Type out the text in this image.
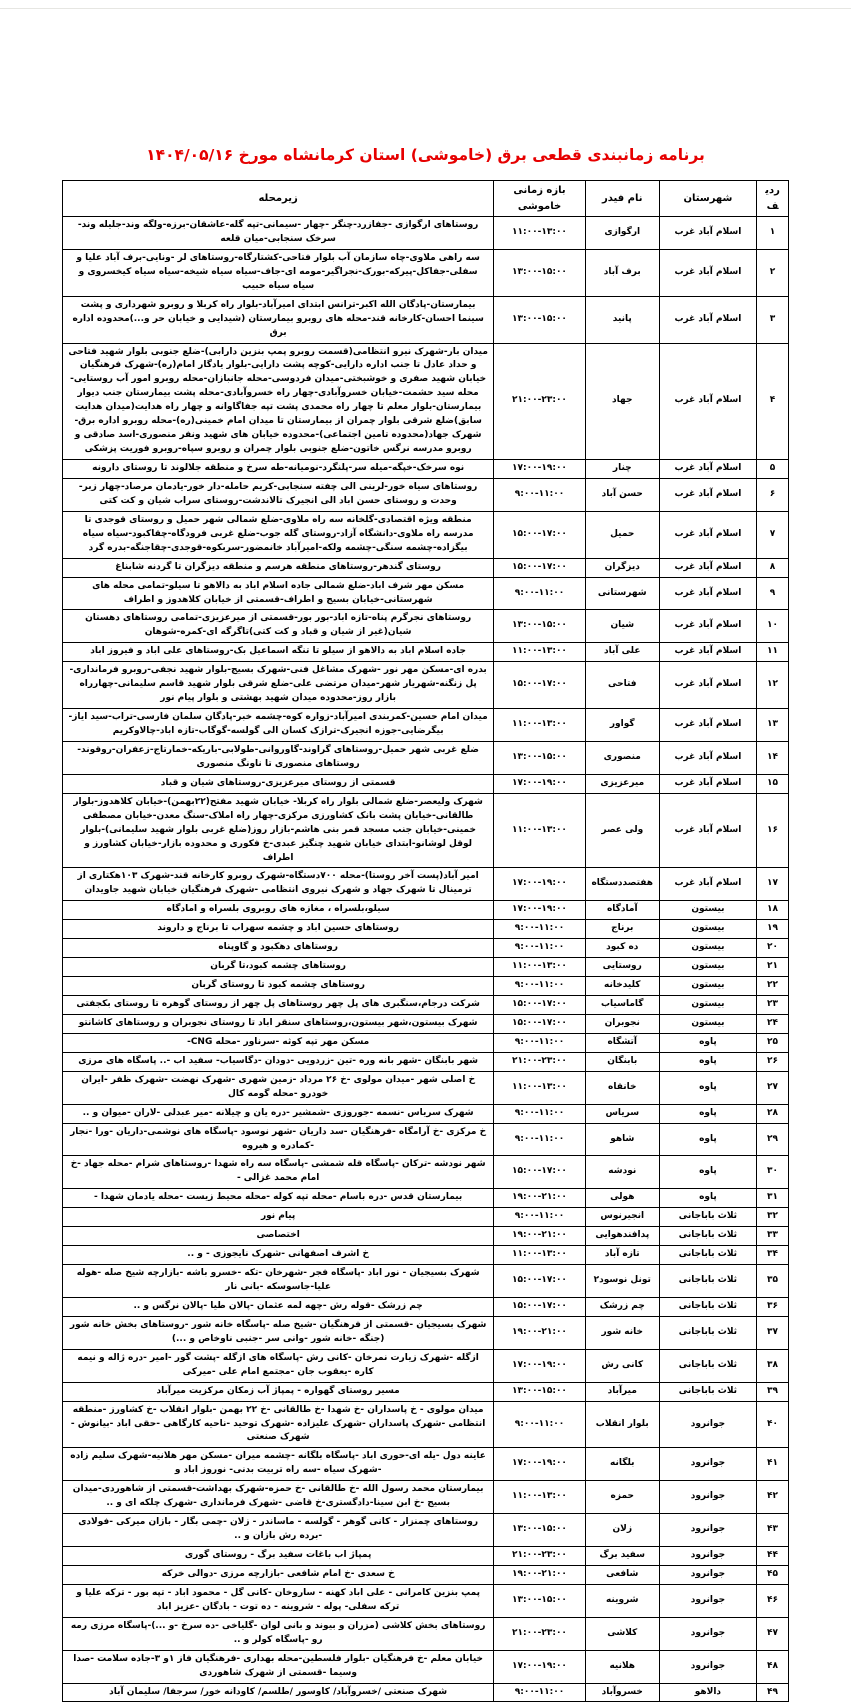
برنامه زمانبندی قطعی برق (خاموشی) استان کرمانشاه مورخ ۱۴۰۴/۰۵/۱۶
ردیف	شهرستان	نام فیدر	بازه زمانی خاموشی	زیرمحله
۱	اسلام آباد غرب	ارگوازی	۱۱:۰۰-۱۳:۰۰	روستاهای ارگوازی -جفازرد-چنگر -چهار -سیمانی-تپه گله-عاشقان-برزه-ولگه وند-جلیله وند-سرخک سنجابی-میان قلعه
۲	اسلام آباد غرب	برف آباد	۱۳:۰۰-۱۵:۰۰	سه راهی ملاوی-چاه سازمان آب بلوار فتاحی-کشتارگاه-روستاهای لر -ونایی-برف آباد علیا و سفلی-جفاکل-پیرکه-بورک-نجراگیر-مومه ای-جاف-سیاه سیاه شیخه-سیاه سیاه کیخسروی و سیاه سیاه حبیب
۳	اسلام آباد غرب	پانید	۱۳:۰۰-۱۵:۰۰	بیمارستان-پادگان الله اکبر-ترانس ابتدای امیرآباد-بلوار راه کربلا و روبرو شهرداری و پشت سینما احسان-کارخانه قند-محله های روبرو بیمارستان (شیدایی و خیابان حر و...)محدوده اداره برق
۴	اسلام آباد غرب	جهاد	۲۱:۰۰-۲۳:۰۰	میدان بار-شهرک نیرو انتظامی(قسمت روبرو پمپ بنزین دارابی)-ضلع جنوبی بلوار شهید فتاحی و حداد عادل تا جنب اداره دارایی-کوچه پشت دارایی-بلوار یادگار امام(ره)-شهرک فرهنگیان خیابان شهید صفری و خوشبختی-میدان فردوسی-محله جانبازان-محله روبرو امور آب روستایی-محله سید حشمت-خیابان خسروآبادی-چهار راه خسروآبادی-محله پشت بیمارستان جنب دیوار بیمارستان-بلوار معلم تا چهار راه محمدی پشت تپه جفاگاوانه و چهار راه هدایت(میدان هدایت سابق)ضلع شرقی بلوار چمران از بیمارستان تا میدان امام خمینی(ره)-محله روبرو اداره برق-شهرک جهاد(محدوده تامین اجتماعی)-محدوده خیابان های شهید ونفر منصوری-اسد صادقی و روبرو مدرسه نرگس خاتون-ضلع جنوبی بلوار چمران و روبرو سپاه-روبرو فوریت پزشکی
۵	اسلام آباد غرب	چنار	۱۷:۰۰-۱۹:۰۰	نوه سرخک-خپگه-میله سر-پلنگرد-نومیانه-طه سرخ و منطقه جلالوند تا روستای دارونه
۶	اسلام آباد غرب	حسن آباد	۹:۰۰-۱۱:۰۰	روستاهای سیاه خور-لرینی الی چفته سنجابی-کریم حامله-دار خور-یادمان مرصاد-چهار زبر-وحدت و روستای حسن اباد الی انجیرک تالاندشت-روستای سراب شیان و کت کتی
۷	اسلام آباد غرب	حمیل	۱۵:۰۰-۱۷:۰۰	منطقه ویژه اقتصادی-گلخانه سه راه ملاوی-ضلع شمالی شهر حمیل و روستای قوجدی تا مدرسه راه ملاوی-دانشگاه آزاد-روستای گله جوب-ضلع غربی فرودگاه-چقاکبود-سیاه سیاه بیگزاده-چشمه سنگی-چشمه ولکه-امیرآباد خانمضور-سربکوه-قوجدی-چقاجنگه-بدره گرد
۸	اسلام آباد غرب	دیزگران	۱۵:۰۰-۱۷:۰۰	روستای گندهر-روستاهای منطقه هرسم و منطقه دیزگران تا گردنه شابناغ
۹	اسلام آباد غرب	شهرستانی	۹:۰۰-۱۱:۰۰	مسکن مهر شرف اباد-ضلع شمالی جاده اسلام اباد به دالاهو تا سیلو-تمامی محله های شهرستانی-خیابان بسیج و اطراف-قسمتی از خیابان کلاهدوز و اطراف
۱۰	اسلام آباد غرب	شیان	۱۳:۰۰-۱۵:۰۰	روستاهای نجرگرم پناه-تازه اباد-بور بور-قسمتی از میرعزیزی-تمامی روستاهای دهستان شیان(غیر از شیان و قباد و کت کتی)تاگرگه ای-کمره-شوهان
۱۱	اسلام آباد غرب	علی آباد	۱۱:۰۰-۱۳:۰۰	جاده اسلام اباد به دالاهو از سیلو تا تنگه اسماعیل بک-روستاهای علی اباد و فیروز اباد
۱۲	اسلام آباد غرب	فتاحی	۱۵:۰۰-۱۷:۰۰	بدره ای-مسکن مهر نور -شهرک مشاغل فنی-شهرک بسیج-بلوار شهید نجفی-روبرو فرمانداری-پل زنگنه-شهریار شهر-میدان مرتضی علی-ضلع شرقی بلوار شهید قاسم سلیمانی-چهارراه بازار روز-محدوده میدان شهید بهشتی و بلوار پیام نور
۱۳	اسلام آباد غرب	گواور	۱۱:۰۰-۱۳:۰۰	میدان امام حسین-کمربندی امیرآباد-زواره کوه-چشمه خبر-پادگان سلمان فارسی-تراب-سید ایاز-بیگرضایی-جوزه انجیرک-ترازک کسان الی گولسه-گوگاب-تازه اباد-چالاوکریم
۱۴	اسلام آباد غرب	منصوری	۱۳:۰۰-۱۵:۰۰	ضلع غربی شهر حمیل-روستاهای گراوند-گاوروانی-طولابی-باریکه-خمارتاج-زعفران-روقوند-روستاهای منصوری تا ناونگ منصوری
۱۵	اسلام آباد غرب	میرعزیزی	۱۷:۰۰-۱۹:۰۰	قسمتی از روستای میرعزیزی-روستاهای شیان و قباد
۱۶	اسلام آباد غرب	ولی عصر	۱۱:۰۰-۱۳:۰۰	شهرک ولیعصر-ضلع شمالی بلوار راه کربلا- خیابان شهید مفتح(۲۲بهمن)-خیابان کلاهدوز-بلوار طالقانی-خیابان پشت بانک کشاورزی مرکزی-چهار راه املاک-سنگ معدن-خیابان مصطفی خمینی-خیابان جنب مسجد قمر بنی هاشم-بازار روز(ضلع غربی بلوار شهید سلیمانی)-بلوار لوقل لوشانو-ابتدای خیابان شهید چنگیز عبدی-خ فکوری و محدوده بازار-خیابان کشاورز و اطراف
۱۷	اسلام آباد غرب	هفتصددستگاه	۱۷:۰۰-۱۹:۰۰	امیر آباد(پست آخر روستا)-محله ۷۰۰دستگاه-شهرک روبرو کارخانه قند-شهرک ۱۰۳هکتاری از ترمینال تا شهرک جهاد و شهرک نیروی انتظامی -شهرک فرهنگیان خیابان شهید جاویدان
۱۸	بیستون	آمادگاه	۱۷:۰۰-۱۹:۰۰	سیلو،بلسراه ، مغازه های روبروی بلسراه و امادگاه
۱۹	بیستون	برناج	۹:۰۰-۱۱:۰۰	روستاهای حسین اباد و چشمه سهراب تا برناج و داروند
۲۰	بیستون	ده کبود	۹:۰۰-۱۱:۰۰	روستاهای دهکبود و گاوپناه
۲۱	بیستون	روستایی	۱۱:۰۰-۱۳:۰۰	روستاهای چشمه کبود،تا گربان
۲۲	بیستون	کلیدخانه	۹:۰۰-۱۱:۰۰	روستاهای چشمه کبود تا روستای گربان
۲۳	بیستون	گاماسیاب	۱۵:۰۰-۱۷:۰۰	شرکت درجام،سنگبری های پل چهر روستاهای پل چهر از روستای گوهره تا روستای بکجفتی
۲۴	بیستون	نجوبران	۱۵:۰۰-۱۷:۰۰	شهرک بیستون،شهر بیستون،روستاهای سنقر اباد تا روستای نجوبران و روستاهای کاشانتو
۲۵	پاوه	آتشگاه	۹:۰۰-۱۱:۰۰	مسکن مهر تپه کوثه -سرناور -محله CNG-
۲۶	پاوه	بابنگان	۲۱:۰۰-۲۳:۰۰	شهر بابنگان -شهر بانه وره -تین -زردویی -دودان -دگاسیاب- سفید اب -.. پاسگاه های مرزی
۲۷	پاوه	خانقاه	۱۱:۰۰-۱۳:۰۰	خ اصلی شهر -میدان مولوی -خ ۲۶ مرداد -زمین شهری -شهرک نهضت -شهرک ظفر -ایران خودرو -محله گومه کال
۲۸	پاوه	سریاس	۹:۰۰-۱۱:۰۰	شهرک سریاس -نسمه -جوروزی -شمشیر -دره یان و چیلانه -میر عبدلی -لاران -میوان و ..
۲۹	پاوه	شاهو	۹:۰۰-۱۱:۰۰	خ مرکزی -خ آرامگاه -فرهنگیان -سد داریان -شهر نوسود -پاسگاه های نوشمی-داریان -ورا -نجار -کمادره و هیروه
۳۰	پاوه	نودشه	۱۵:۰۰-۱۷:۰۰	شهر نودشه -ترکان -پاسگاه قله شمشی -پاسگاه سه راه شهدا -روستاهای شرام -محله جهاد -خ امام محمد غزالی -
۳۱	پاوه	هولی	۱۹:۰۰-۲۱:۰۰	بیمارستان قدس -دره باسام -محله تپه کوله -محله محیط زیست -محله یادمان شهدا -
۳۲	ثلاث باباجانی	انجیرنوس	۹:۰۰-۱۱:۰۰	پیام نور
۳۳	ثلاث باباجانی	پدافندهوایی	۱۹:۰۰-۲۱:۰۰	اختصاصی
۳۴	ثلاث باباجانی	تازه آباد	۱۱:۰۰-۱۳:۰۰	خ اشرف اصفهانی -شهرک نایجوزی - و ..
۳۵	ثلاث باباجانی	تونل نوسود۲	۱۵:۰۰-۱۷:۰۰	شهرک بسیجیان - نور اباد -پاسگاه فجر -شهرخان -تکه -خسرو باشه -بازارچه شیخ صله -هوله علیا-جاسوسکه -بانی نار
۳۶	ثلاث باباجانی	چم زرشک	۱۵:۰۰-۱۷:۰۰	چم زرشک -قوله رش -چهه لمه عثمان -پالان طیا -پالان نرگس و ..
۳۷	ثلاث باباجانی	خانه شور	۱۹:۰۰-۲۱:۰۰	شهرک بسیجیان -قسمتی از فرهنگیان -شیخ صله -پاسگاه خانه شور -روستاهای بخش خانه شور (جنگه -خانه شور -وانی سر -جنبی ناوخاص و ...)
۳۸	ثلاث باباجانی	کانی رش	۱۷:۰۰-۱۹:۰۰	ازگله -شهرک زیارت نمرخان -کانی رش -پاسگاه های ازگله -پشت گور -امیر -دره ژاله و نیمه کاره -یعقوب جان -مجتمع امام علی -میرکی
۳۹	ثلاث باباجانی	میرآباد	۱۳:۰۰-۱۵:۰۰	مسیر روستای گهواره - پمپاژ آب زمکان مرکزیت میرآباد
۴۰	جوانرود	بلوار انقلاب	۹:۰۰-۱۱:۰۰	میدان مولوی - خ پاسداران -خ شهدا -خ طالقانی -خ ۲۲ بهمن -بلوار انقلاب -خ کشاورز -منطقه انتظامی -شهرک پاسداران -شهرک علیزاده -شهرک توحید -ناحیه کارگاهی -حقی اباد -بیانوش - شهرک صنعتی
۴۱	جوانرود	بلگانه	۱۷:۰۰-۱۹:۰۰	عاینه دول -یله ای-حوری اباد -پاسگاه بلگانه -چشمه میران -مسکن مهر هلانیه-شهرک سلیم زاده -شهرک سیاه -سه راه تربیت بدنی- نوروز اباد و
۴۲	جوانرود	حمزه	۱۱:۰۰-۱۳:۰۰	بیمارستان محمد رسول الله -خ طالقانی -خ حمزه-شهرک بهداشت-قسمتی از شاهوردی-میدان بسیج -خ ابن سینا-دادگستری-خ قاضی -شهرک فرمانداری -شهرک چلکه ای و ..
۴۳	جوانرود	زلان	۱۳:۰۰-۱۵:۰۰	روستاهای چمنزار - کانی گوهر - گولسه - ماساندر - زلان -چمی بگار - بازان میرکی -فولادی -برده رش بازان و ..
۴۴	جوانرود	سفید برگ	۲۱:۰۰-۲۳:۰۰	پمپاژ اب باغات سفید برگ - روستای گوری
۴۵	جوانرود	شافعی	۱۹:۰۰-۲۱:۰۰	خ سعدی -خ امام شافعی -بازارچه مرزی -دوالی خرکه
۴۶	جوانرود	شروینه	۱۳:۰۰-۱۵:۰۰	پمپ بنزین کامرانی - علی اباد کهنه - ساروخان -کانی گل - محمود اباد - تپه بور - ترکه علیا و ترکه سفلی- پوله - شروینه - ده توت - بادگان -عزیز اباد
۴۷	جوانرود	کلاشی	۲۱:۰۰-۲۳:۰۰	روستاهای بخش کلاشی (مزران و بیوند و بانی لوان -گلیاخی -ده سرخ -و ...)-پاسگاه مرزی رمه رو -پاسگاه کولر و ..
۴۸	جوانرود	هلانیه	۱۷:۰۰-۱۹:۰۰	خیابان معلم -خ فرهنگیان -بلوار فلسطین-محله بهداری -فرهنگیان فاز ۱و ۳-جاده سلامت -صدا وسیما -قسمتی از شهرک شاهوردی
۴۹	دالاهو	خسروآباد	۹:۰۰-۱۱:۰۰	شهرک صنعتی /خسروآباد/ کاوسور /طلسم/ کاودانه خور/ سرجفا/ سلیمان آباد
